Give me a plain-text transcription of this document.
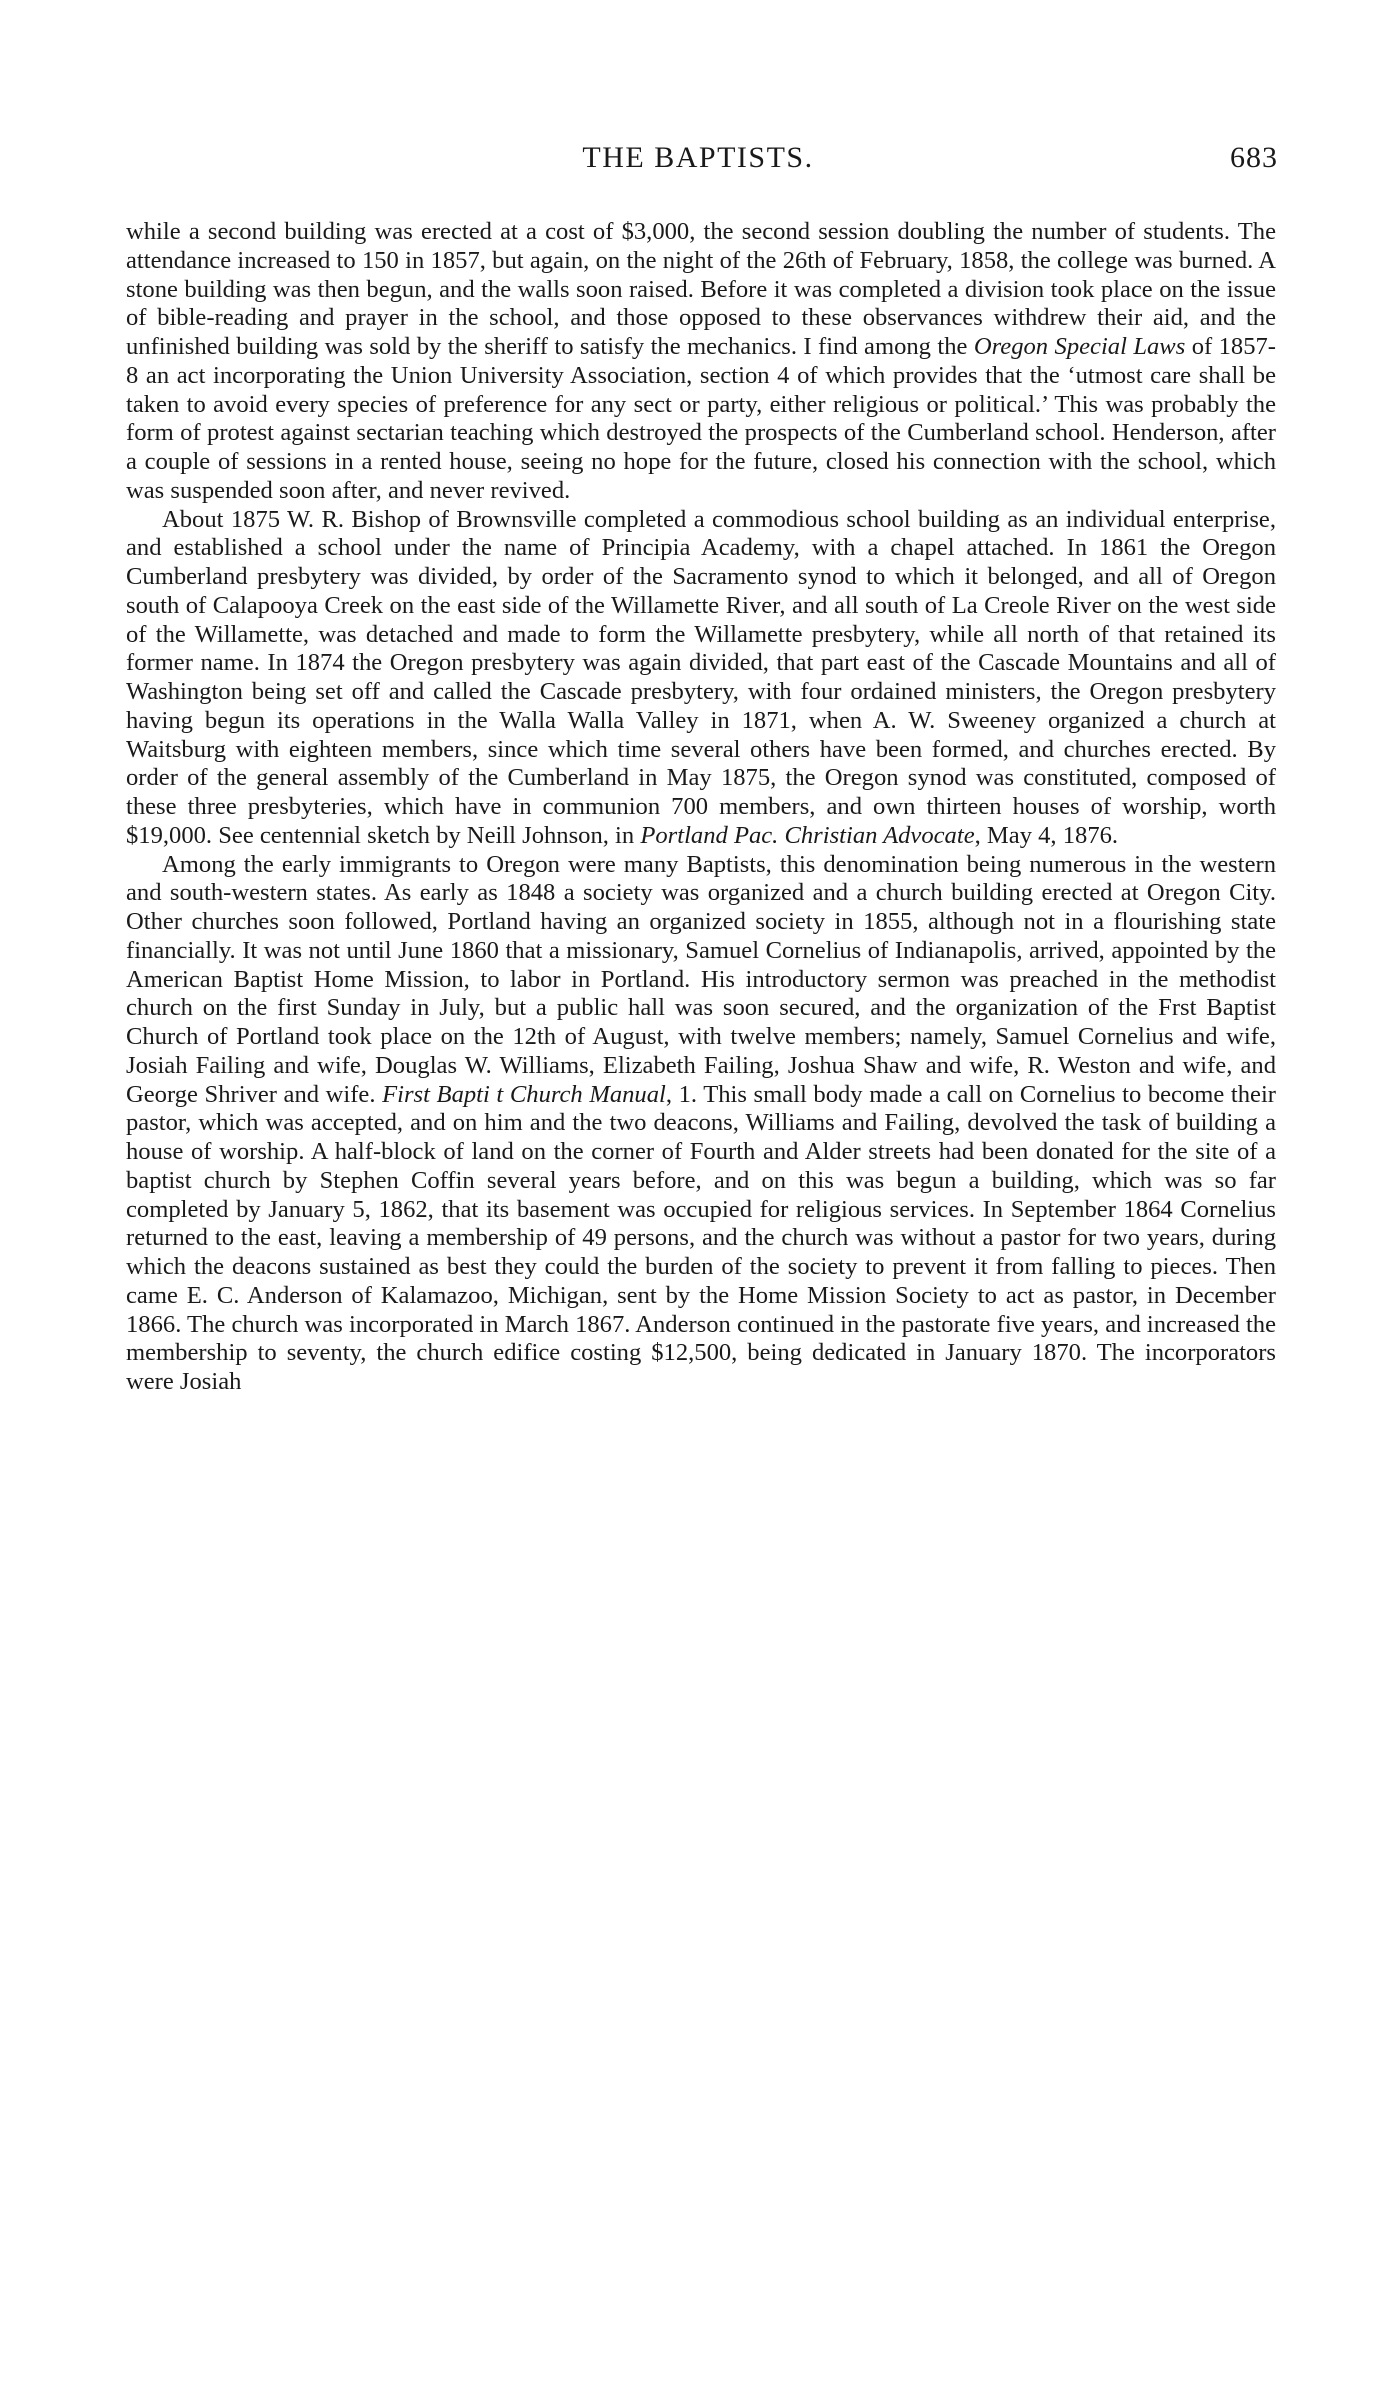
THE BAPTISTS.	683

while a second building was erected at a cost of $3,000, the second session doubling the number of students. The attendance increased to 150 in 1857, but again, on the night of the 26th of February, 1858, the college was burned. A stone building was then begun, and the walls soon raised. Before it was completed a division took place on the issue of bible-reading and prayer in the school, and those opposed to these observances withdrew their aid, and the unfinished building was sold by the sheriff to satisfy the mechanics. I find among the Oregon Special Laws of 1857-8 an act incorporating the Union University Association, section 4 of which provides that the ‘utmost care shall be taken to avoid every species of preference for any sect or party, either religious or political.’ This was probably the form of protest against sectarian teaching which destroyed the prospects of the Cumberland school. Henderson, after a couple of sessions in a rented house, seeing no hope for the future, closed his connection with the school, which was suspended soon after, and never revived.

About 1875 W. R. Bishop of Brownsville completed a commodious school building as an individual enterprise, and established a school under the name of Principia Academy, with a chapel attached. In 1861 the Oregon Cumberland presbytery was divided, by order of the Sacramento synod to which it belonged, and all of Oregon south of Calapooya Creek on the east side of the Willamette River, and all south of La Creole River on the west side of the Willamette, was detached and made to form the Willamette presbytery, while all north of that retained its former name. In 1874 the Oregon presbytery was again divided, that part east of the Cascade Mountains and all of Washington being set off and called the Cascade presbytery, with four ordained ministers, the Oregon presbytery having begun its operations in the Walla Walla Valley in 1871, when A. W. Sweeney organized a church at Waitsburg with eighteen members, since which time several others have been formed, and churches erected. By order of the general assembly of the Cumberland in May 1875, the Oregon synod was constituted, composed of these three presbyteries, which have in communion 700 members, and own thirteen houses of worship, worth $19,000. See centennial sketch by Neill Johnson, in Portland Pac. Christian Advocate, May 4, 1876.

Among the early immigrants to Oregon were many Baptists, this denomination being numerous in the western and south-western states. As early as 1848 a society was organized and a church building erected at Oregon City. Other churches soon followed, Portland having an organized society in 1855, although not in a flourishing state financially. It was not until June 1860 that a missionary, Samuel Cornelius of Indianapolis, arrived, appointed by the American Baptist Home Mission, to labor in Portland. His introductory sermon was preached in the methodist church on the first Sunday in July, but a public hall was soon secured, and the organization of the Frst Baptist Church of Portland took place on the 12th of August, with twelve members; namely, Samuel Cornelius and wife, Josiah Failing and wife, Douglas W. Williams, Elizabeth Failing, Joshua Shaw and wife, R. Weston and wife, and George Shriver and wife. First Bapti t Church Manual, 1. This small body made a call on Cornelius to become their pastor, which was accepted, and on him and the two deacons, Williams and Failing, devolved the task of building a house of worship. A half-block of land on the corner of Fourth and Alder streets had been donated for the site of a baptist church by Stephen Coffin several years before, and on this was begun a building, which was so far completed by January 5, 1862, that its basement was occupied for religious services. In September 1864 Cornelius returned to the east, leaving a membership of 49 persons, and the church was without a pastor for two years, during which the deacons sustained as best they could the burden of the society to prevent it from falling to pieces. Then came E. C. Anderson of Kalamazoo, Michigan, sent by the Home Mission Society to act as pastor, in December 1866. The church was incorporated in March 1867. Anderson continued in the pastorate five years, and increased the membership to seventy, the church edifice costing $12,500, being dedicated in January 1870. The incorporators were Josiah
